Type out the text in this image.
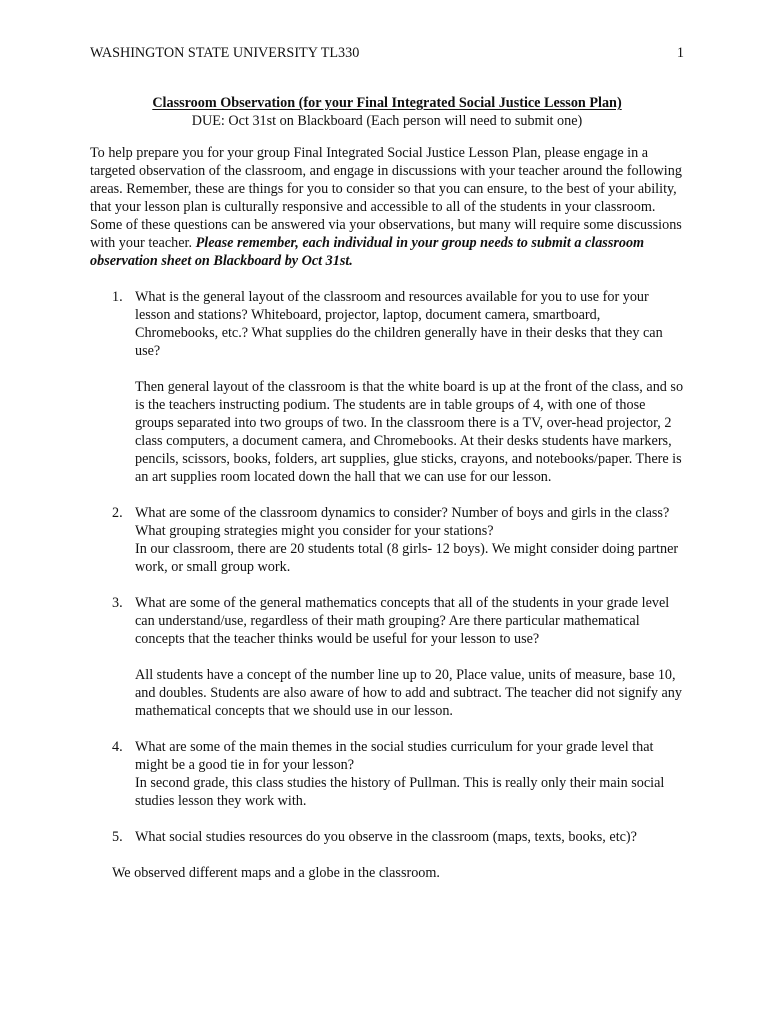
WASHINGTON STATE UNIVERSITY TL330	1
Classroom Observation (for your Final Integrated Social Justice Lesson Plan)
DUE: Oct 31st on Blackboard (Each person will need to submit one)

To help prepare you for your group Final Integrated Social Justice Lesson Plan, please engage in a targeted observation of the classroom, and engage in discussions with your teacher around the following areas. Remember, these are things for you to consider so that you can ensure, to the best of your ability, that your lesson plan is culturally responsive and accessible to all of the students in your classroom. Some of these questions can be answered via your observations, but many will require some discussions with your teacher. Please remember, each individual in your group needs to submit a classroom observation sheet on Blackboard by Oct 31st.

1. What is the general layout of the classroom and resources available for you to use for your lesson and stations? Whiteboard, projector, laptop, document camera, smartboard, Chromebooks, etc.? What supplies do the children generally have in their desks that they can use?

Then general layout of the classroom is that the white board is up at the front of the class, and so is the teachers instructing podium. The students are in table groups of 4, with one of those groups separated into two groups of two. In the classroom there is a TV, over-head projector, 2 class computers, a document camera, and Chromebooks. At their desks students have markers, pencils, scissors, books, folders, art supplies, glue sticks, crayons, and notebooks/paper. There is an art supplies room located down the hall that we can use for our lesson.

2. What are some of the classroom dynamics to consider? Number of boys and girls in the class? What grouping strategies might you consider for your stations?

In our classroom, there are 20 students total (8 girls- 12 boys). We might consider doing partner work, or small group work.

3. What are some of the general mathematics concepts that all of the students in your grade level can understand/use, regardless of their math grouping? Are there particular mathematical concepts that the teacher thinks would be useful for your lesson to use?

All students have a concept of the number line up to 20, Place value, units of measure, base 10, and doubles. Students are also aware of how to add and subtract. The teacher did not signify any mathematical concepts that we should use in our lesson.

4. What are some of the main themes in the social studies curriculum for your grade level that might be a good tie in for your lesson?

In second grade, this class studies the history of Pullman. This is really only their main social studies lesson they work with.

5. What social studies resources do you observe in the classroom (maps, texts, books, etc)?

We observed different maps and a globe in the classroom.
